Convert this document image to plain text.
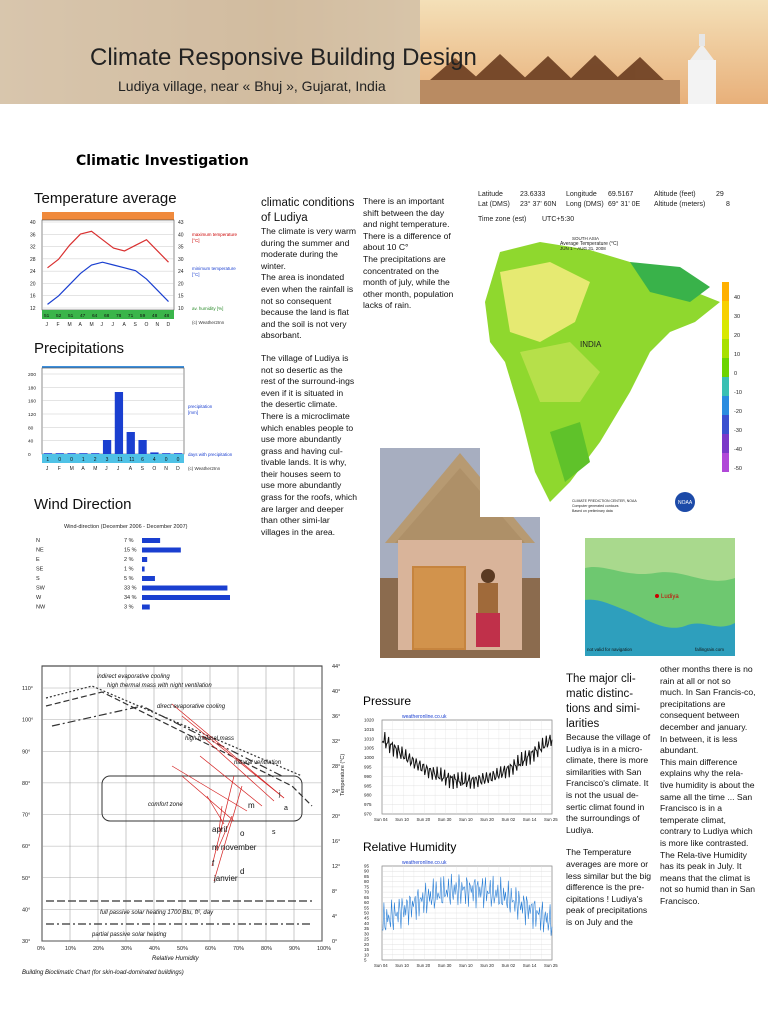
Climate Responsive Building Design
Ludiya village, near « Bhuj », Gujarat, India
Climatic Investigation
Temperature average
40	43
36	40
32	35
28	30
24	24
20	20
16	15
12	10
51 52 51 47 64 68 78 71 59 48 48
J F M A M J J A S O N D
maximum temperature
[°C]
minimum temperature
[°C]
av. humidity [%]
(c) Weather2Inn
Precipitations
200
180
160
120
80
40
0
1 0 0 1 2 3 11 11 6 4 0 0
J F M A M J J A S O N D
precipitation
[mm]
days with precipitation
(c) Weather2Inn
Wind Direction
Wind-direction (December 2006 - December 2007)
N	7 %
NE	15 %
E	2 %
SE	1 %
S	5 %
SW	33 %
W	34 %
NW	3 %
climatic conditions of Ludiya
The climate is very warm during the summer and moderate during the winter.
The area is inondated even when the rainfall is not so consequent because the land is flat and the soil is not very absorbant.
The village of Ludiya is not so desertic as the rest of the surround-ings even if it is situated in the desertic climate. There is a microclimate which enables people to use more abundantly grass and having cul-tivable lands. It is why, their houses seem to use more abundantly grass for the roofs, which are larger and deeper than other simi-lar villages in the area.
There is an important shift between the day and night temperature. There is a difference of about 10 C°
The precipitations are concentrated on the month of july, while the other month, population lacks of rain.
Latitude	23.6333	Longitude	69.5167	Altitude (feet)	29
Lat (DMS)	23° 37' 60N	Long (DMS) 69° 31' 0E	Altitude (meters)	8
Time zone (est)	UTC+5:30
INDIA
SOUTH ASIA
Average Temperature (°C)
JUN 1 – AUG 31, 2008
CLIMATE PREDICTION CENTER, NOAA
Computer generated contours
Based on preliminary data
NOAA
40
30
20
10
0
-10
-20
-30
-40
-50
Ludiya
not valid for navigation	fallingrain.com
0%	10%	20%	30%	40%	50%	60%	70%	80%	90%	100%
110°
100°
90°
80°
70°
60°
50°
40°
30°
44°
40°
36°
32°
28°
24°
20°
16°
12°
8°
4°
0°
Temperature (°C)
indirect evaporative cooling
high thermal mass with night ventilation
direct evaporative cooling
high thermal mass
natural ventilation
comfort zone
full passive solar heating 1700 Btu, ft², day
partial passive solar heating
Relative Humidity
Building Bioclimatic Chart (for skin-load-dominated buildings)
april
m november
f
janvier
o	s
d
m	a
j
Pressure
weatheronline.co.uk
1020
1015
1010
1005
1000
995
990
985
980
975
970
Sun 04 Sun 10 Sun 20 Sun 30 Sun 10 Sun 20 Sun 02 Sun 14 Sun 25
Relative Humidity
weatheronline.co.uk
95
90
85
80
75
70
65
60
55
50
45
40
35
30
25
20
15
10
5
Sun 04 Sun 10 Sun 20 Sun 30 Sun 10 Sun 20 Sun 02 Sun 14 Sun 25
The major cli-matic distinc-tions and simi-larities
Because the village of Ludiya is in a micro-climate, there is more similarities with San Francisco's climate. It is not the usual de-sertic climat found in the surroundings of Ludiya.
The Temperature averages are more or less similar but the big difference is the pre-cipitations ! Ludiya's peak of precipitations is on July and the
other months there is no rain at all or not so much. In San Francis-co, precipitations are consequent between december and january. In between, it is less abundant.
This main difference explains why the rela-tive humidity is about the same all the time ... San Francisco is in a temperate climat, contrary to Ludiya which is more like contrasted. The Rela-tive Humidity has its peak in July. It means that the climat is not so humid than in San Francisco.
